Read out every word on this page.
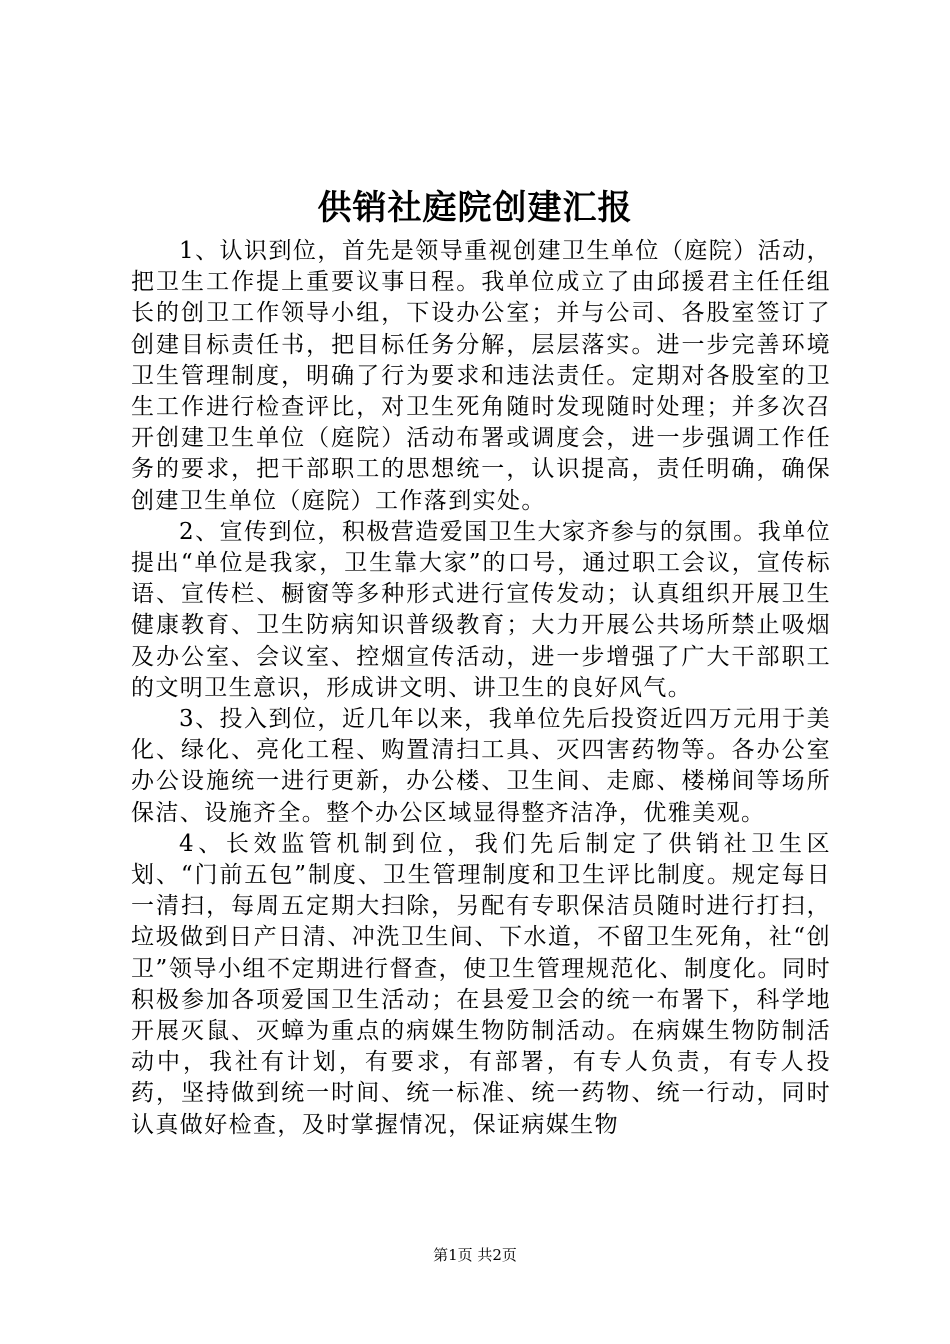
供销社庭院创建汇报

1、认识到位，首先是领导重视创建卫生单位（庭院）活动，把卫生工作提上重要议事日程。我单位成立了由邱援君主任任组长的创卫工作领导小组，下设办公室；并与公司、各股室签订了创建目标责任书，把目标任务分解，层层落实。进一步完善环境卫生管理制度，明确了行为要求和违法责任。定期对各股室的卫生工作进行检查评比，对卫生死角随时发现随时处理；并多次召开创建卫生单位（庭院）活动布署或调度会，进一步强调工作任务的要求，把干部职工的思想统一，认识提高，责任明确，确保创建卫生单位（庭院）工作落到实处。

2、宣传到位，积极营造爱国卫生大家齐参与的氛围。我单位提出“单位是我家，卫生靠大家”的口号，通过职工会议，宣传标语、宣传栏、橱窗等多种形式进行宣传发动；认真组织开展卫生健康教育、卫生防病知识普级教育；大力开展公共场所禁止吸烟及办公室、会议室、控烟宣传活动，进一步增强了广大干部职工的文明卫生意识，形成讲文明、讲卫生的良好风气。

3、投入到位，近几年以来，我单位先后投资近四万元用于美化、绿化、亮化工程、购置清扫工具、灭四害药物等。各办公室办公设施统一进行更新，办公楼、卫生间、走廊、楼梯间等场所保洁、设施齐全。整个办公区域显得整齐洁净，优雅美观。

4、长效监管机制到位，我们先后制定了供销社卫生区划、“门前五包”制度、卫生管理制度和卫生评比制度。规定每日一清扫，每周五定期大扫除，另配有专职保洁员随时进行打扫，垃圾做到日产日清、冲洗卫生间、下水道，不留卫生死角，社“创卫”领导小组不定期进行督查，使卫生管理规范化、制度化。同时积极参加各项爱国卫生活动；在县爱卫会的统一布署下，科学地开展灭鼠、灭蟑为重点的病媒生物防制活动。在病媒生物防制活动中，我社有计划，有要求，有部署，有专人负责，有专人投药，坚持做到统一时间、统一标准、统一药物、统一行动，同时认真做好检查，及时掌握情况，保证病媒生物

第1页 共2页
